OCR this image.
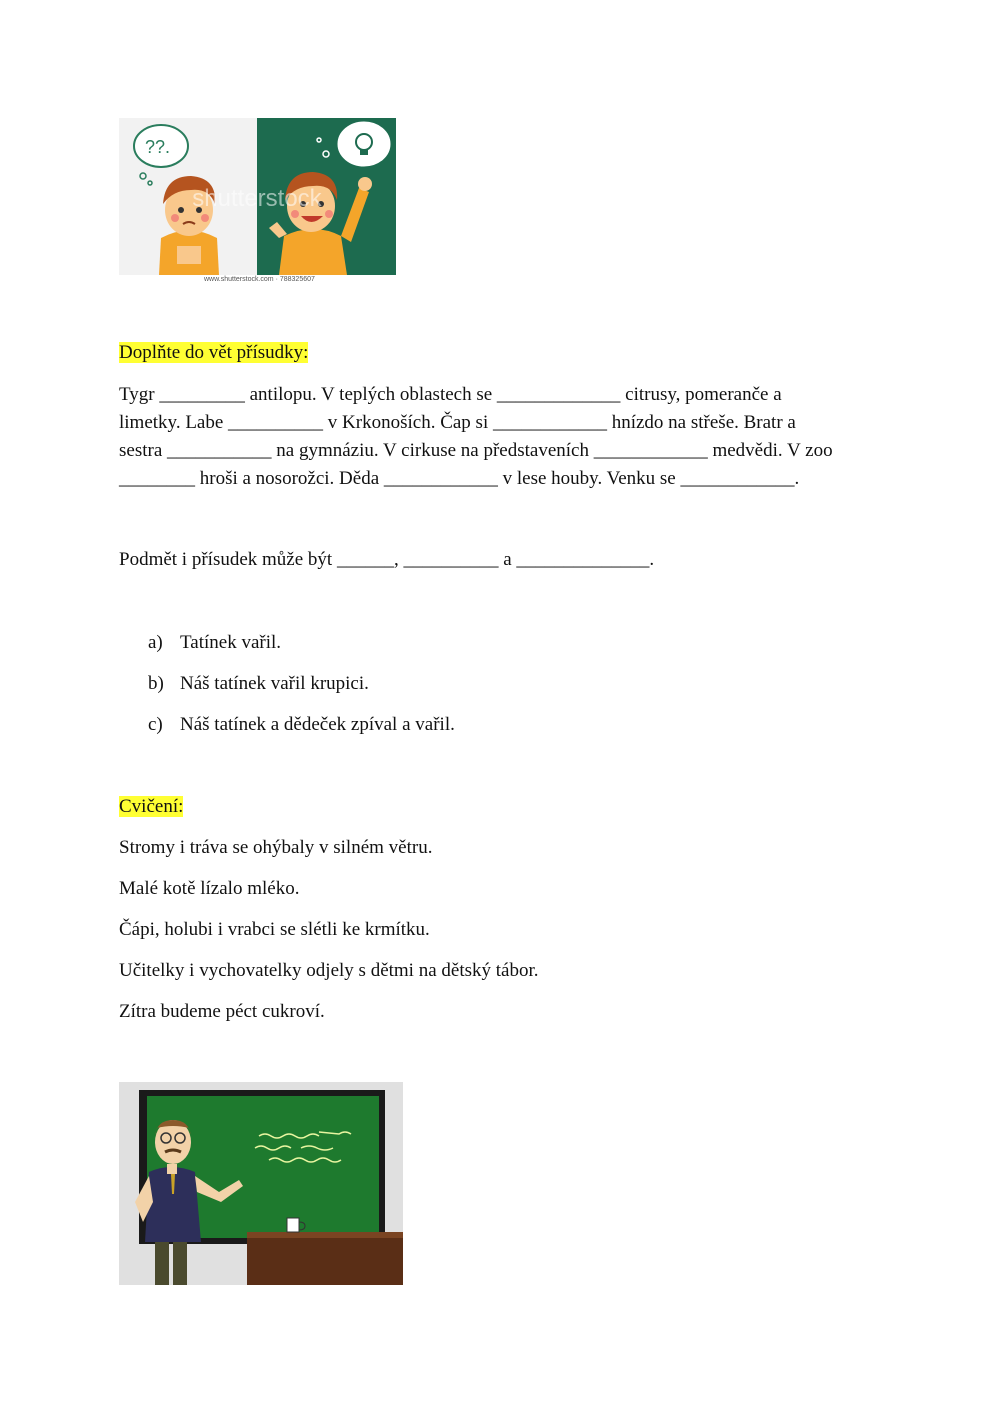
??.
shutterstock
www.shutterstock.com · 788325607
Doplňte do vět přísudky:
Tygr _________ antilopu. V teplých oblastech se _____________ citrusy, pomeranče a
limetky. Labe __________ v Krkonoších. Čap si ____________ hnízdo na střeše. Bratr a
sestra ___________ na gymnáziu. V cirkuse na představeních ____________ medvědi. V zoo
________ hroši a nosorožci. Děda ____________ v lese houby. Venku se ____________.
Podmět i přísudek může být ______, __________ a ______________.
a) Tatínek vařil.
b) Náš tatínek vařil krupici.
c) Náš tatínek a dědeček zpíval a vařil.
Cvičení:
Stromy i tráva se ohýbaly v silném větru.
Malé kotě lízalo mléko.
Čápi, holubi i vrabci se slétli ke krmítku.
Učitelky i vychovatelky odjely s dětmi na dětský tábor.
Zítra budeme péct cukroví.
